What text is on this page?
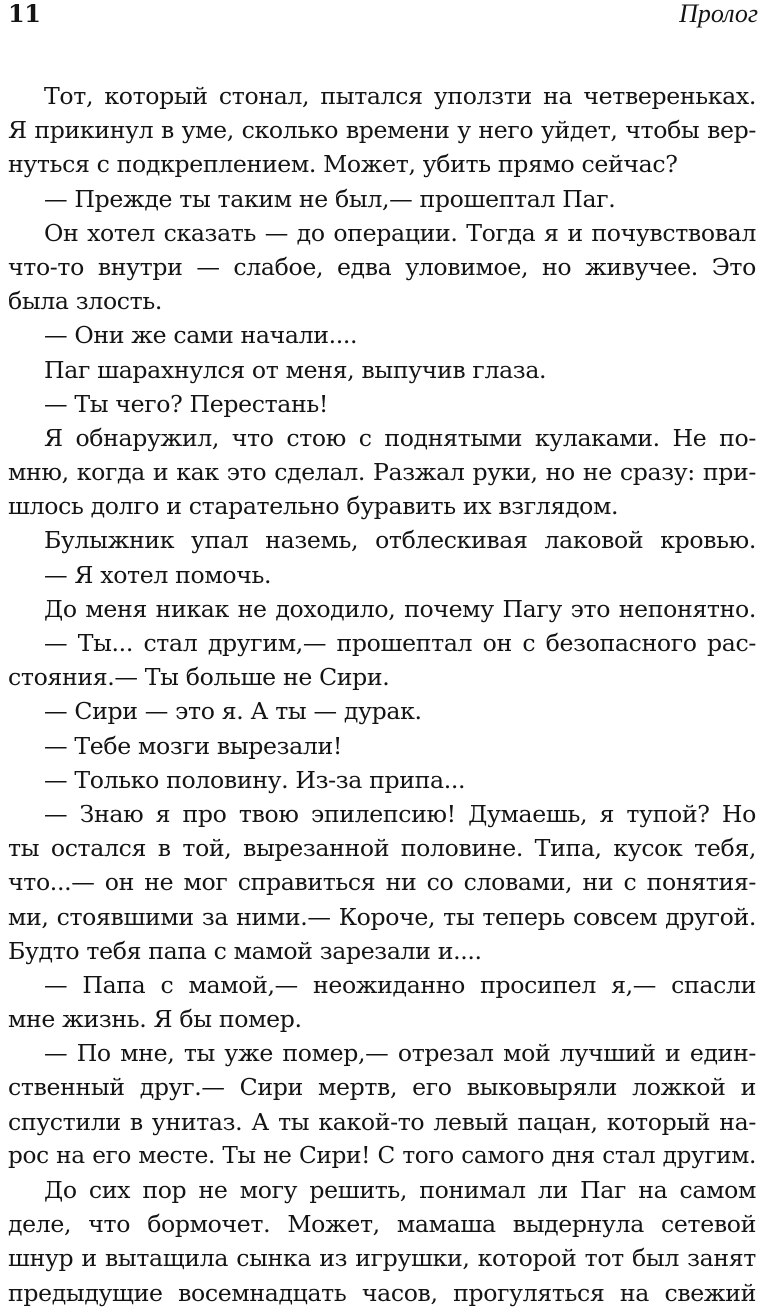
11	Пролог
Тот, который стонал, пытался уползти на четвереньках.
Я прикинул в уме, сколько времени у него уйдет, чтобы вер-
нуться с подкреплением. Может, убить прямо сейчас?
— Прежде ты таким не был,— прошептал Паг.
Он хотел сказать — до операции. Тогда я и почувствовал
что-то внутри — слабое, едва уловимое, но живучее. Это
была злость.
— Они же сами начали....
Паг шарахнулся от меня, выпучив глаза.
— Ты чего? Перестань!
Я обнаружил, что стою с поднятыми кулаками. Не по-
мню, когда и как это сделал. Разжал руки, но не сразу: при-
шлось долго и старательно буравить их взглядом.
Булыжник упал наземь, отблескивая лаковой кровью.
— Я хотел помочь.
До меня никак не доходило, почему Пагу это непонятно.
— Ты... стал другим,— прошептал он с безопасного рас-
стояния.— Ты больше не Сири.
— Сири — это я. А ты — дурак.
— Тебе мозги вырезали!
— Только половину. Из-за припа...
— Знаю я про твою эпилепсию! Думаешь, я тупой? Но
ты остался в той, вырезанной половине. Типа, кусок тебя,
что...— он не мог справиться ни со словами, ни с понятия-
ми, стоявшими за ними.— Короче, ты теперь совсем другой.
Будто тебя папа с мамой зарезали и....
— Папа с мамой,— неожиданно просипел я,— спасли
мне жизнь. Я бы помер.
— По мне, ты уже помер,— отрезал мой лучший и един-
ственный друг.— Сири мертв, его выковыряли ложкой и
спустили в унитаз. А ты какой-то левый пацан, который на-
рос на его месте. Ты не Сири! С того самого дня стал другим.
До сих пор не могу решить, понимал ли Паг на самом
деле, что бормочет. Может, мамаша выдернула сетевой
шнур и вытащила сынка из игрушки, которой тот был занят
предыдущие восемнадцать часов, прогуляться на свежий
